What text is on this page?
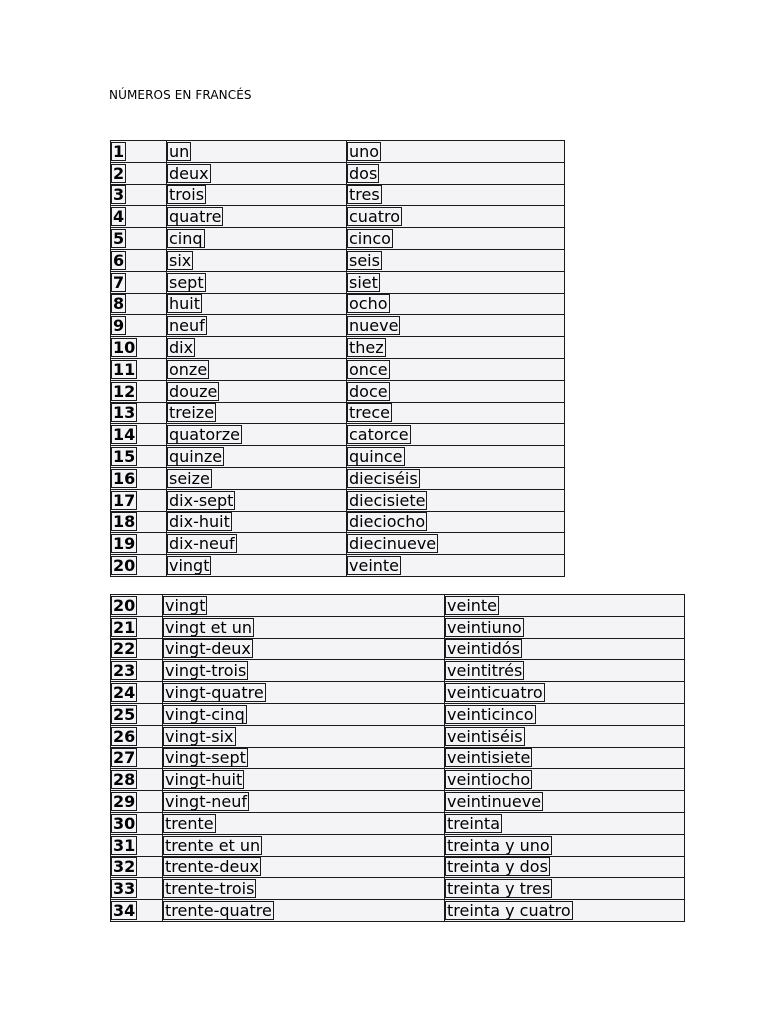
NÚMEROS EN FRANCÉS
1	un	uno
2	deux	dos
3	trois	tres
4	quatre	cuatro
5	cinq	cinco
6	six	seis
7	sept	siet
8	huit	ocho
9	neuf	nueve
10	dix	thez
11	onze	once
12	douze	doce
13	treize	trece
14	quatorze	catorce
15	quinze	quince
16	seize	dieciséis
17	dix-sept	diecisiete
18	dix-huit	dieciocho
19	dix-neuf	diecinueve
20	vingt	veinte
20	vingt	veinte
21	vingt et un	veintiuno
22	vingt-deux	veintidós
23	vingt-trois	veintitrés
24	vingt-quatre	veinticuatro
25	vingt-cinq	veinticinco
26	vingt-six	veintiséis
27	vingt-sept	veintisiete
28	vingt-huit	veintiocho
29	vingt-neuf	veintinueve
30	trente	treinta
31	trente et un	treinta y uno
32	trente-deux	treinta y dos
33	trente-trois	treinta y tres
34	trente-quatre	treinta y cuatro
